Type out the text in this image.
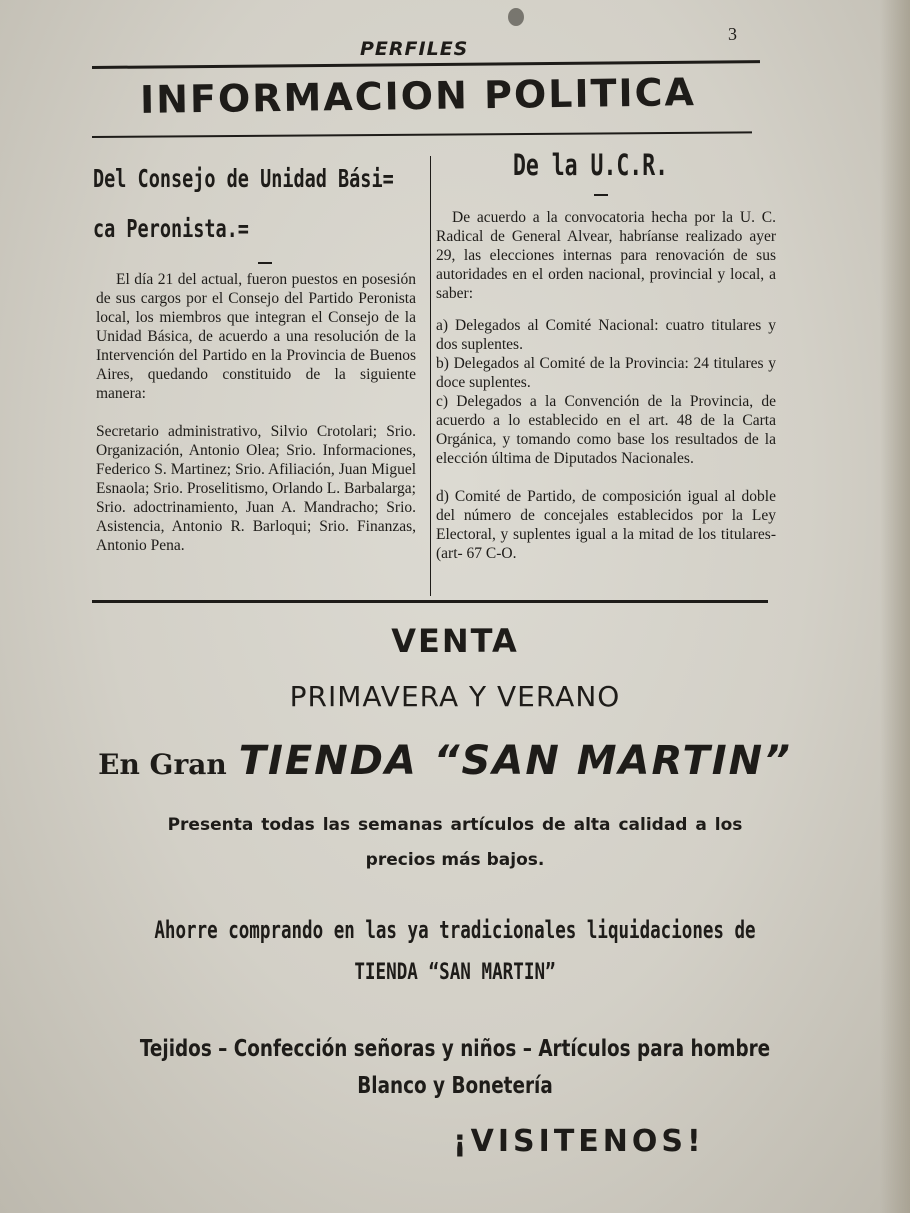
PERFILES
3
INFORMACION POLITICA
Del Consejo de Unidad Bási=
ca Peronista.=

El día 21 del actual, fueron puestos en posesión de sus cargos por el Consejo del Partido Peronista local, los miembros que integran el Consejo de la Unidad Básica, de acuerdo a una resolución de la Intervención del Partido en la Provincia de Buenos Aires, quedando constituido de la siguiente manera:

Secretario administrativo, Silvio Crotolari; Srio. Organización, Antonio Olea; Srio. Informaciones, Federico S. Martinez; Srio. Afiliación, Juan Miguel Esnaola; Srio. Proselitismo, Orlando L. Barbalarga; Srio. adoctrinamiento, Juan A. Mandracho; Srio. Asistencia, Antonio R. Barloqui; Srio. Finanzas, Antonio Pena.

De la U.C.R.

De acuerdo a la convocatoria hecha por la U. C. Radical de General Alvear, habríanse realizado ayer 29, las elecciones internas para renovación de sus autoridades en el orden nacional, provincial y local, a saber:

a) Delegados al Comité Nacional: cuatro titulares y dos suplentes.

b) Delegados al Comité de la Provincia: 24 titulares y doce suplentes.

c) Delegados a la Convención de la Provincia, de acuerdo a lo establecido en el art. 48 de la Carta Orgánica, y tomando como base los resultados de la elección última de Diputados Nacionales.

d) Comité de Partido, de composición igual al doble del número de concejales establecidos por la Ley Electoral, y suplentes igual a la mitad de los titulares- (art- 67 C-O.

VENTA

PRIMAVERA Y VERANO

En Gran TIENDA “SAN MARTIN”

Presenta todas las semanas artículos de alta calidad a los

precios más bajos.

Ahorre comprando en las ya tradicionales liquidaciones de

TIENDA “SAN MARTIN”

Tejidos – Confección señoras y niños – Artículos para hombre

Blanco y Bonetería

¡VISITENOS!
